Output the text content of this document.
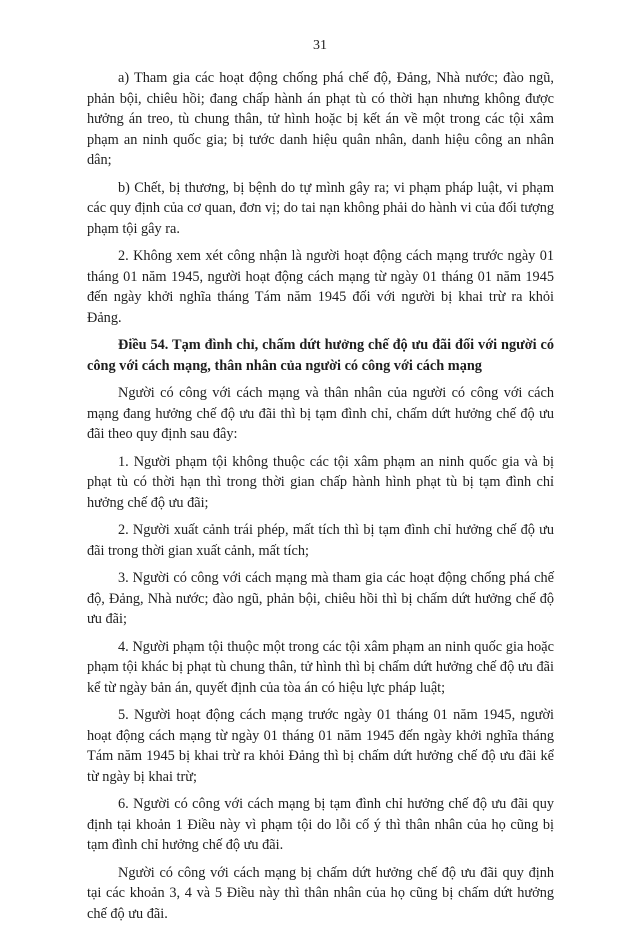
31

a) Tham gia các hoạt động chống phá chế độ, Đảng, Nhà nước; đào ngũ, phản bội, chiêu hồi; đang chấp hành án phạt tù có thời hạn nhưng không được hưởng án treo, tù chung thân, tử hình hoặc bị kết án về một trong các tội xâm phạm an ninh quốc gia; bị tước danh hiệu quân nhân, danh hiệu công an nhân dân;

b) Chết, bị thương, bị bệnh do tự mình gây ra; vi phạm pháp luật, vi phạm các quy định của cơ quan, đơn vị; do tai nạn không phải do hành vi của đối tượng phạm tội gây ra.

2. Không xem xét công nhận là người hoạt động cách mạng trước ngày 01 tháng 01 năm 1945, người hoạt động cách mạng từ ngày 01 tháng 01 năm 1945 đến ngày khởi nghĩa tháng Tám năm 1945 đối với người bị khai trừ ra khỏi Đảng.

Điều 54. Tạm đình chỉ, chấm dứt hưởng chế độ ưu đãi đối với người có công với cách mạng, thân nhân của người có công với cách mạng

Người có công với cách mạng và thân nhân của người có công với cách mạng đang hưởng chế độ ưu đãi thì bị tạm đình chỉ, chấm dứt hưởng chế độ ưu đãi theo quy định sau đây:

1. Người phạm tội không thuộc các tội xâm phạm an ninh quốc gia và bị phạt tù có thời hạn thì trong thời gian chấp hành hình phạt tù bị tạm đình chỉ hưởng chế độ ưu đãi;

2. Người xuất cảnh trái phép, mất tích thì bị tạm đình chỉ hưởng chế độ ưu đãi trong thời gian xuất cảnh, mất tích;

3. Người có công với cách mạng mà tham gia các hoạt động chống phá chế độ, Đảng, Nhà nước; đào ngũ, phản bội, chiêu hồi thì bị chấm dứt hưởng chế độ ưu đãi;

4. Người phạm tội thuộc một trong các tội xâm phạm an ninh quốc gia hoặc phạm tội khác bị phạt tù chung thân, tử hình thì bị chấm dứt hưởng chế độ ưu đãi kể từ ngày bản án, quyết định của tòa án có hiệu lực pháp luật;

5. Người hoạt động cách mạng trước ngày 01 tháng 01 năm 1945, người hoạt động cách mạng từ ngày 01 tháng 01 năm 1945 đến ngày khởi nghĩa tháng Tám năm 1945 bị khai trừ ra khỏi Đảng thì bị chấm dứt hưởng chế độ ưu đãi kể từ ngày bị khai trừ;

6. Người có công với cách mạng bị tạm đình chỉ hưởng chế độ ưu đãi quy định tại khoản 1 Điều này vì phạm tội do lỗi cố ý thì thân nhân của họ cũng bị tạm đình chỉ hưởng chế độ ưu đãi.

Người có công với cách mạng bị chấm dứt hưởng chế độ ưu đãi quy định tại các khoản 3, 4 và 5 Điều này thì thân nhân của họ cũng bị chấm dứt hưởng chế độ ưu đãi.
